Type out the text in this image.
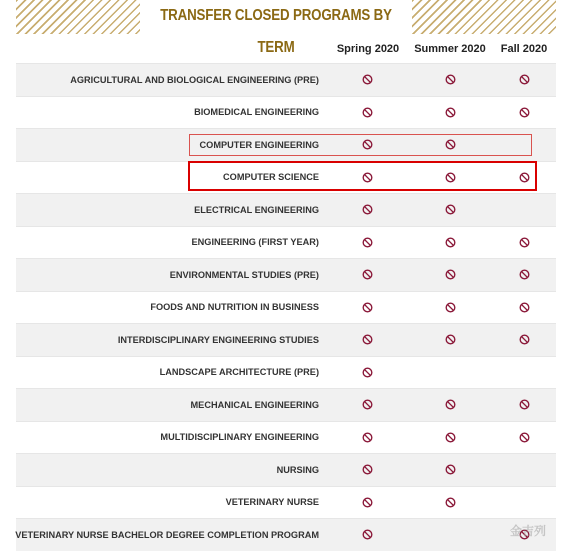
TRANSFER CLOSED PROGRAMS BY TERM	Spring 2020 Summer 2020 Fall 2020
AGRICULTURAL AND BIOLOGICAL ENGINEERING (PRE)
BIOMEDICAL ENGINEERING
COMPUTER ENGINEERING
COMPUTER SCIENCE
ELECTRICAL ENGINEERING
ENGINEERING (FIRST YEAR)
ENVIRONMENTAL STUDIES (PRE)
FOODS AND NUTRITION IN BUSINESS
INTERDISCIPLINARY ENGINEERING STUDIES
LANDSCAPE ARCHITECTURE (PRE)
MECHANICAL ENGINEERING
MULTIDISCIPLINARY ENGINEERING
NURSING
VETERINARY NURSE
VETERINARY NURSE BACHELOR DEGREE COMPLETION PROGRAM	金吉列
